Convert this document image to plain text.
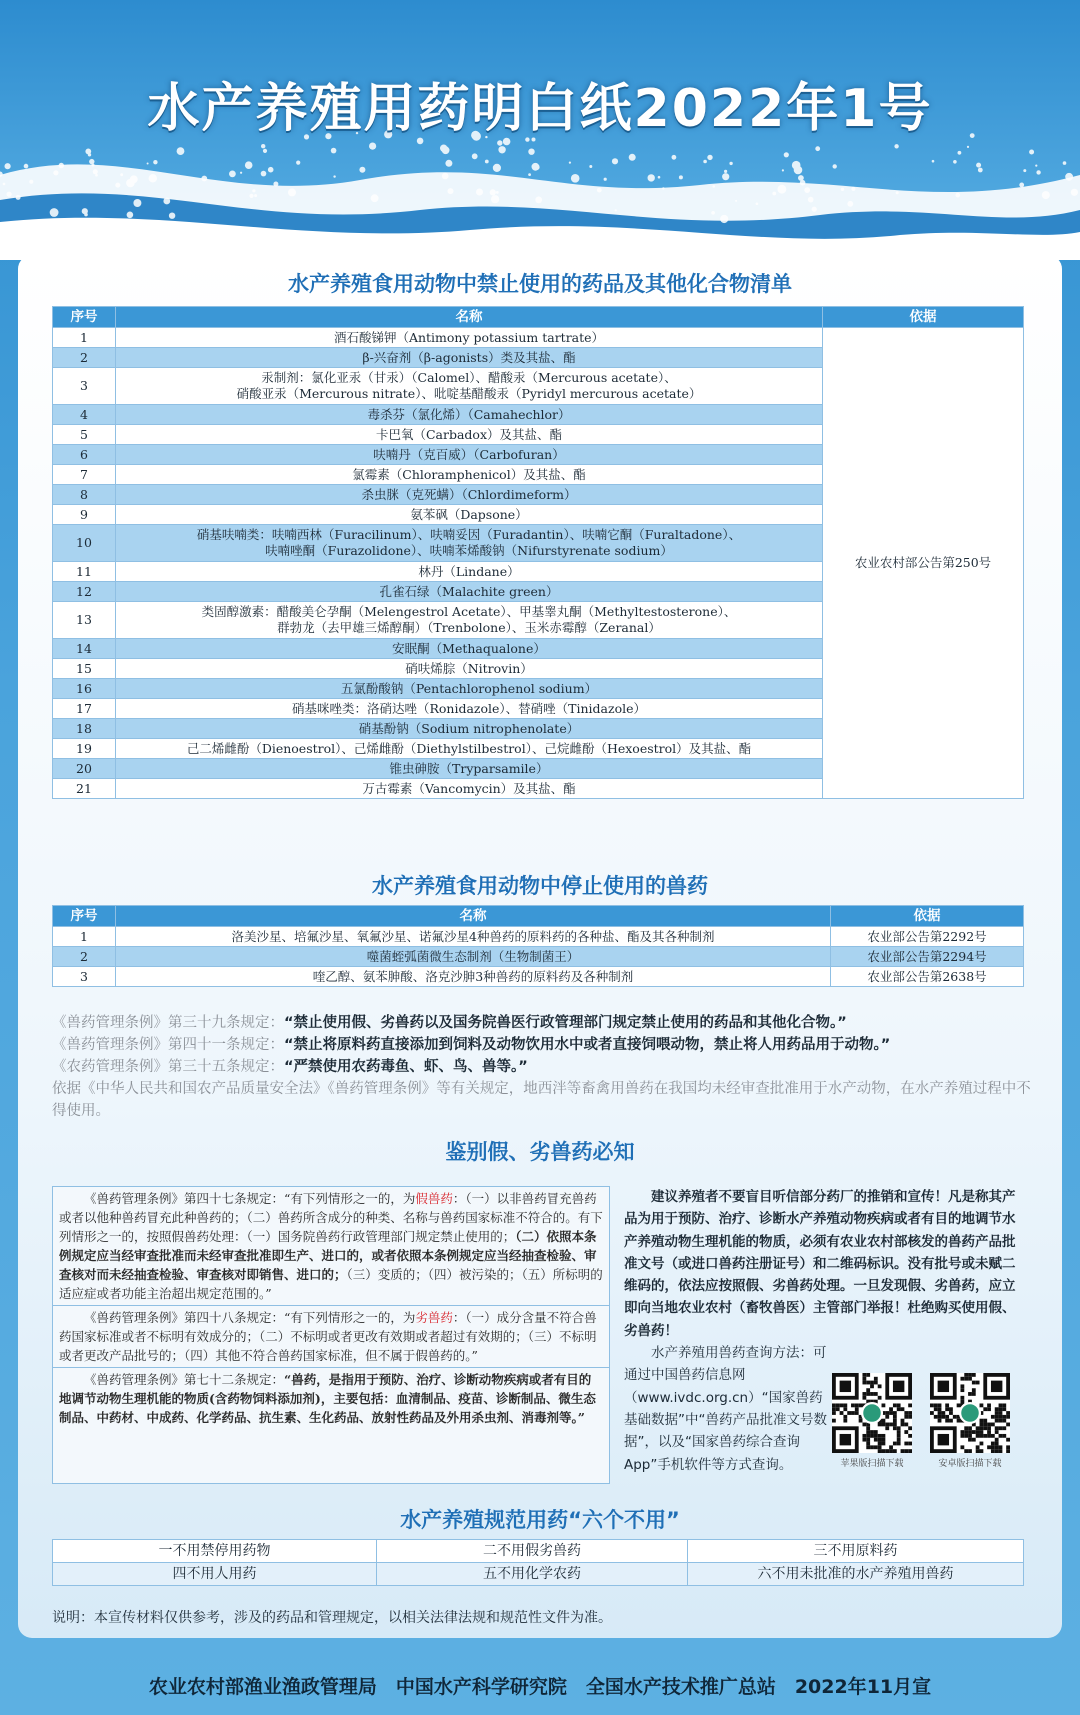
水产养殖用药明白纸2022年1号
水产养殖食用动物中禁止使用的药品及其他化合物清单
序号	名称	依据
1	酒石酸锑钾（Antimony potassium tartrate）	农业农村部公告第250号
2	β-兴奋剂（β-agonists）类及其盐、酯	
3	汞制剂：氯化亚汞（甘汞）（Calomel）、醋酸汞（Mercurous acetate）、
硝酸亚汞（Mercurous nitrate）、吡啶基醋酸汞（Pyridyl mercurous acetate）	
4	毒杀芬（氯化烯）（Camahechlor）	
5	卡巴氧（Carbadox）及其盐、酯	
6	呋喃丹（克百威）（Carbofuran）	
7	氯霉素（Chloramphenicol）及其盐、酯	
8	杀虫脒（克死螨）（Chlordimeform）	
9	氨苯砜（Dapsone）	
10	硝基呋喃类：呋喃西林（Furacilinum）、呋喃妥因（Furadantin）、呋喃它酮（Furaltadone）、
呋喃唑酮（Furazolidone）、呋喃苯烯酸钠（Nifurstyrenate sodium）	
11	林丹（Lindane）	
12	孔雀石绿（Malachite green）	
13	类固醇激素：醋酸美仑孕酮（Melengestrol Acetate）、甲基睾丸酮（Methyltestosterone）、
群勃龙（去甲雄三烯醇酮）（Trenbolone）、玉米赤霉醇（Zeranal）	
14	安眠酮（Methaqualone）	
15	硝呋烯腙（Nitrovin）	
16	五氯酚酸钠（Pentachlorophenol sodium）	
17	硝基咪唑类：洛硝达唑（Ronidazole）、替硝唑（Tinidazole）	
18	硝基酚钠（Sodium nitrophenolate）	
19	己二烯雌酚（Dienoestrol）、己烯雌酚（Diethylstilbestrol）、己烷雌酚（Hexoestrol）及其盐、酯	
20	锥虫砷胺（Tryparsamile）	
21	万古霉素（Vancomycin）及其盐、酯	
水产养殖食用动物中停止使用的兽药
序号	名称	依据
1	洛美沙星、培氟沙星、氧氟沙星、诺氟沙星4种兽药的原料药的各种盐、酯及其各种制剂	农业部公告第2292号
2	噬菌蛭弧菌微生态制剂（生物制菌王）	农业部公告第2294号
3	喹乙醇、氨苯胂酸、洛克沙胂3种兽药的原料药及各种制剂	农业部公告第2638号
《兽药管理条例》第三十九条规定：“禁止使用假、劣兽药以及国务院兽医行政管理部门规定禁止使用的药品和其他化合物。”
《兽药管理条例》第四十一条规定：“禁止将原料药直接添加到饲料及动物饮用水中或者直接饲喂动物，禁止将人用药品用于动物。”
《农药管理条例》第三十五条规定：“严禁使用农药毒鱼、虾、鸟、兽等。”
依据《中华人民共和国农产品质量安全法》《兽药管理条例》等有关规定，地西泮等畜禽用兽药在我国均未经审查批准用于水产动物，在水产养殖过程中不得使用。
鉴别假、劣兽药必知
《兽药管理条例》第四十七条规定：“有下列情形之一的，为假兽药：（一）以非兽药冒充兽药或者以他种兽药冒充此种兽药的；（二）兽药所含成分的种类、名称与兽药国家标准不符合的。有下列情形之一的，按照假兽药处理：（一）国务院兽药行政管理部门规定禁止使用的；（二）依照本条例规定应当经审查批准而未经审查批准即生产、进口的，或者依照本条例规定应当经抽查检验、审查核对而未经抽查检验、审查核对即销售、进口的；（三）变质的；（四）被污染的；（五）所标明的适应症或者功能主治超出规定范围的。”
《兽药管理条例》第四十八条规定：“有下列情形之一的，为劣兽药：（一）成分含量不符合兽药国家标准或者不标明有效成分的；（二）不标明或者更改有效期或者超过有效期的；（三）不标明或者更改产品批号的；（四）其他不符合兽药国家标准，但不属于假兽药的。”
《兽药管理条例》第七十二条规定：“兽药，是指用于预防、治疗、诊断动物疾病或者有目的地调节动物生理机能的物质(含药物饲料添加剂)，主要包括：血清制品、疫苗、诊断制品、微生态制品、中药材、中成药、化学药品、抗生素、生化药品、放射性药品及外用杀虫剂、消毒剂等。”
建议养殖者不要盲目听信部分药厂的推销和宣传！凡是称其产品为用于预防、治疗、诊断水产养殖动物疾病或者有目的地调节水产养殖动物生理机能的物质，必须有农业农村部核发的兽药产品批准文号（或进口兽药注册证号）和二维码标识。没有批号或未赋二维码的，依法应按照假、劣兽药处理。一旦发现假、劣兽药，应立即向当地农业农村（畜牧兽医）主管部门举报！杜绝购买使用假、劣兽药！
水产养殖用兽药查询方法：可通过中国兽药信息网（www.ivdc.org.cn）“国家兽药基础数据”中“兽药产品批准文号数据”，以及“国家兽药综合查询App”手机软件等方式查询。	苹果版扫描下载	安卓版扫描下载
水产养殖规范用药“六个不用”
一不用禁停用药物	二不用假劣兽药	三不用原料药
四不用人用药	五不用化学农药	六不用未批准的水产养殖用兽药
说明：本宣传材料仅供参考，涉及的药品和管理规定，以相关法律法规和规范性文件为准。
农业农村部渔业渔政管理局　中国水产科学研究院　全国水产技术推广总站　2022年11月宣
